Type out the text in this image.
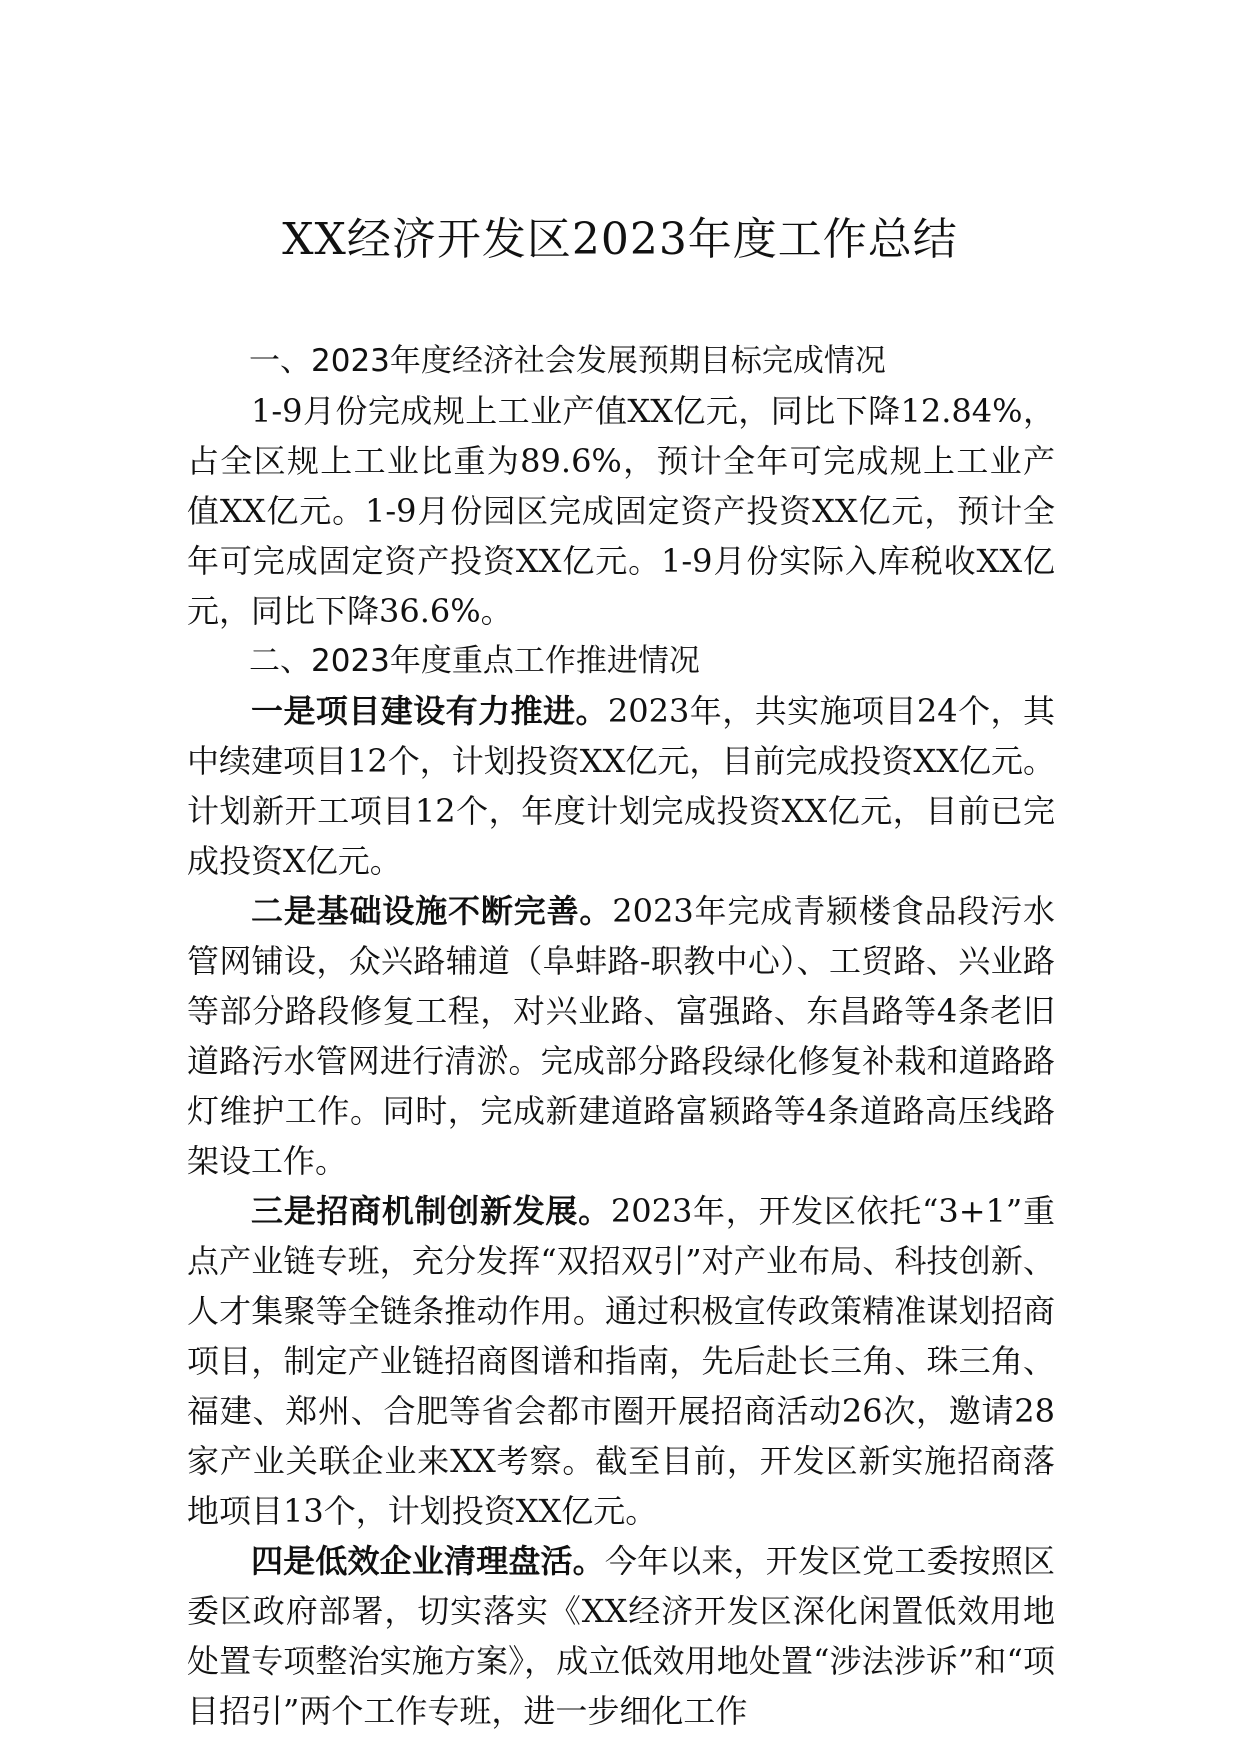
XX经济开发区2023年度工作总结

一、2023年度经济社会发展预期目标完成情况

1-9月份完成规上工业产值XX亿元，同比下降12.84%，占全区规上工业比重为89.6%，预计全年可完成规上工业产值XX亿元。1-9月份园区完成固定资产投资XX亿元，预计全年可完成固定资产投资XX亿元。1-9月份实际入库税收XX亿元，同比下降36.6%。

二、2023年度重点工作推进情况

一是项目建设有力推进。2023年，共实施项目24个，其中续建项目12个，计划投资XX亿元，目前完成投资XX亿元。计划新开工项目12个，年度计划完成投资XX亿元，目前已完成投资X亿元。

二是基础设施不断完善。2023年完成青颍楼食品段污水管网铺设，众兴路辅道（阜蚌路-职教中心）、工贸路、兴业路等部分路段修复工程，对兴业路、富强路、东昌路等4条老旧道路污水管网进行清淤。完成部分路段绿化修复补栽和道路路灯维护工作。同时，完成新建道路富颍路等4条道路高压线路架设工作。

三是招商机制创新发展。2023年，开发区依托“3+1”重点产业链专班，充分发挥“双招双引”对产业布局、科技创新、人才集聚等全链条推动作用。通过积极宣传政策精准谋划招商项目，制定产业链招商图谱和指南，先后赴长三角、珠三角、福建、郑州、合肥等省会都市圈开展招商活动26次，邀请28家产业关联企业来XX考察。截至目前，开发区新实施招商落地项目13个，计划投资XX亿元。

四是低效企业清理盘活。今年以来，开发区党工委按照区委区政府部署，切实落实《XX经济开发区深化闲置低效用地处置专项整治实施方案》，成立低效用地处置“涉法涉诉”和“项目招引”两个工作专班，进一步细化工作
